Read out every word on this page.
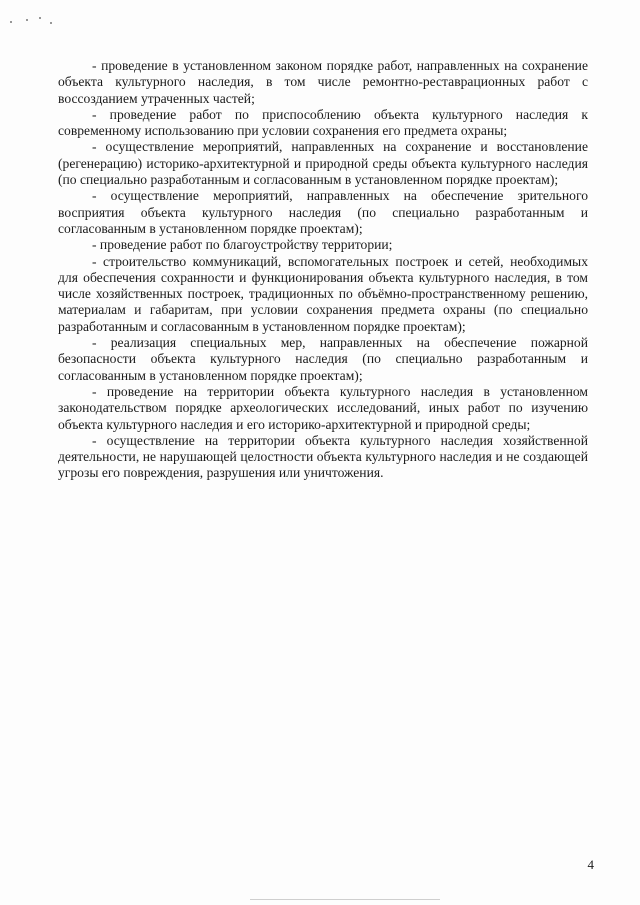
- проведение в установленном законом порядке работ, направленных на сохранение объекта культурного наследия, в том числе ремонтно-реставрационных работ с воссозданием утраченных частей;

- проведение работ по приспособлению объекта культурного наследия к современному использованию при условии сохранения его предмета охраны;

- осуществление мероприятий, направленных на сохранение и восстановление (регенерацию) историко-архитектурной и природной среды объекта культурного наследия (по специально разработанным и согласованным в установленном порядке проектам);

- осуществление мероприятий, направленных на обеспечение зрительного восприятия объекта культурного наследия (по специально разработанным и согласованным в установленном порядке проектам);

- проведение работ по благоустройству территории;

- строительство коммуникаций, вспомогательных построек и сетей, необходимых для обеспечения сохранности и функционирования объекта культурного наследия, в том числе хозяйственных построек, традиционных по объёмно-пространственному решению, материалам и габаритам, при условии сохранения предмета охраны (по специально разработанным и согласованным в установленном порядке проектам);

- реализация специальных мер, направленных на обеспечение пожарной безопасности объекта культурного наследия (по специально разработанным и согласованным в установленном порядке проектам);

- проведение на территории объекта культурного наследия в установленном законодательством порядке археологических исследований, иных работ по изучению объекта культурного наследия и его историко-архитектурной и природной среды;

- осуществление на территории объекта культурного наследия хозяйственной деятельности, не нарушающей целостности объекта культурного наследия и не создающей угрозы его повреждения, разрушения или уничтожения.

4
